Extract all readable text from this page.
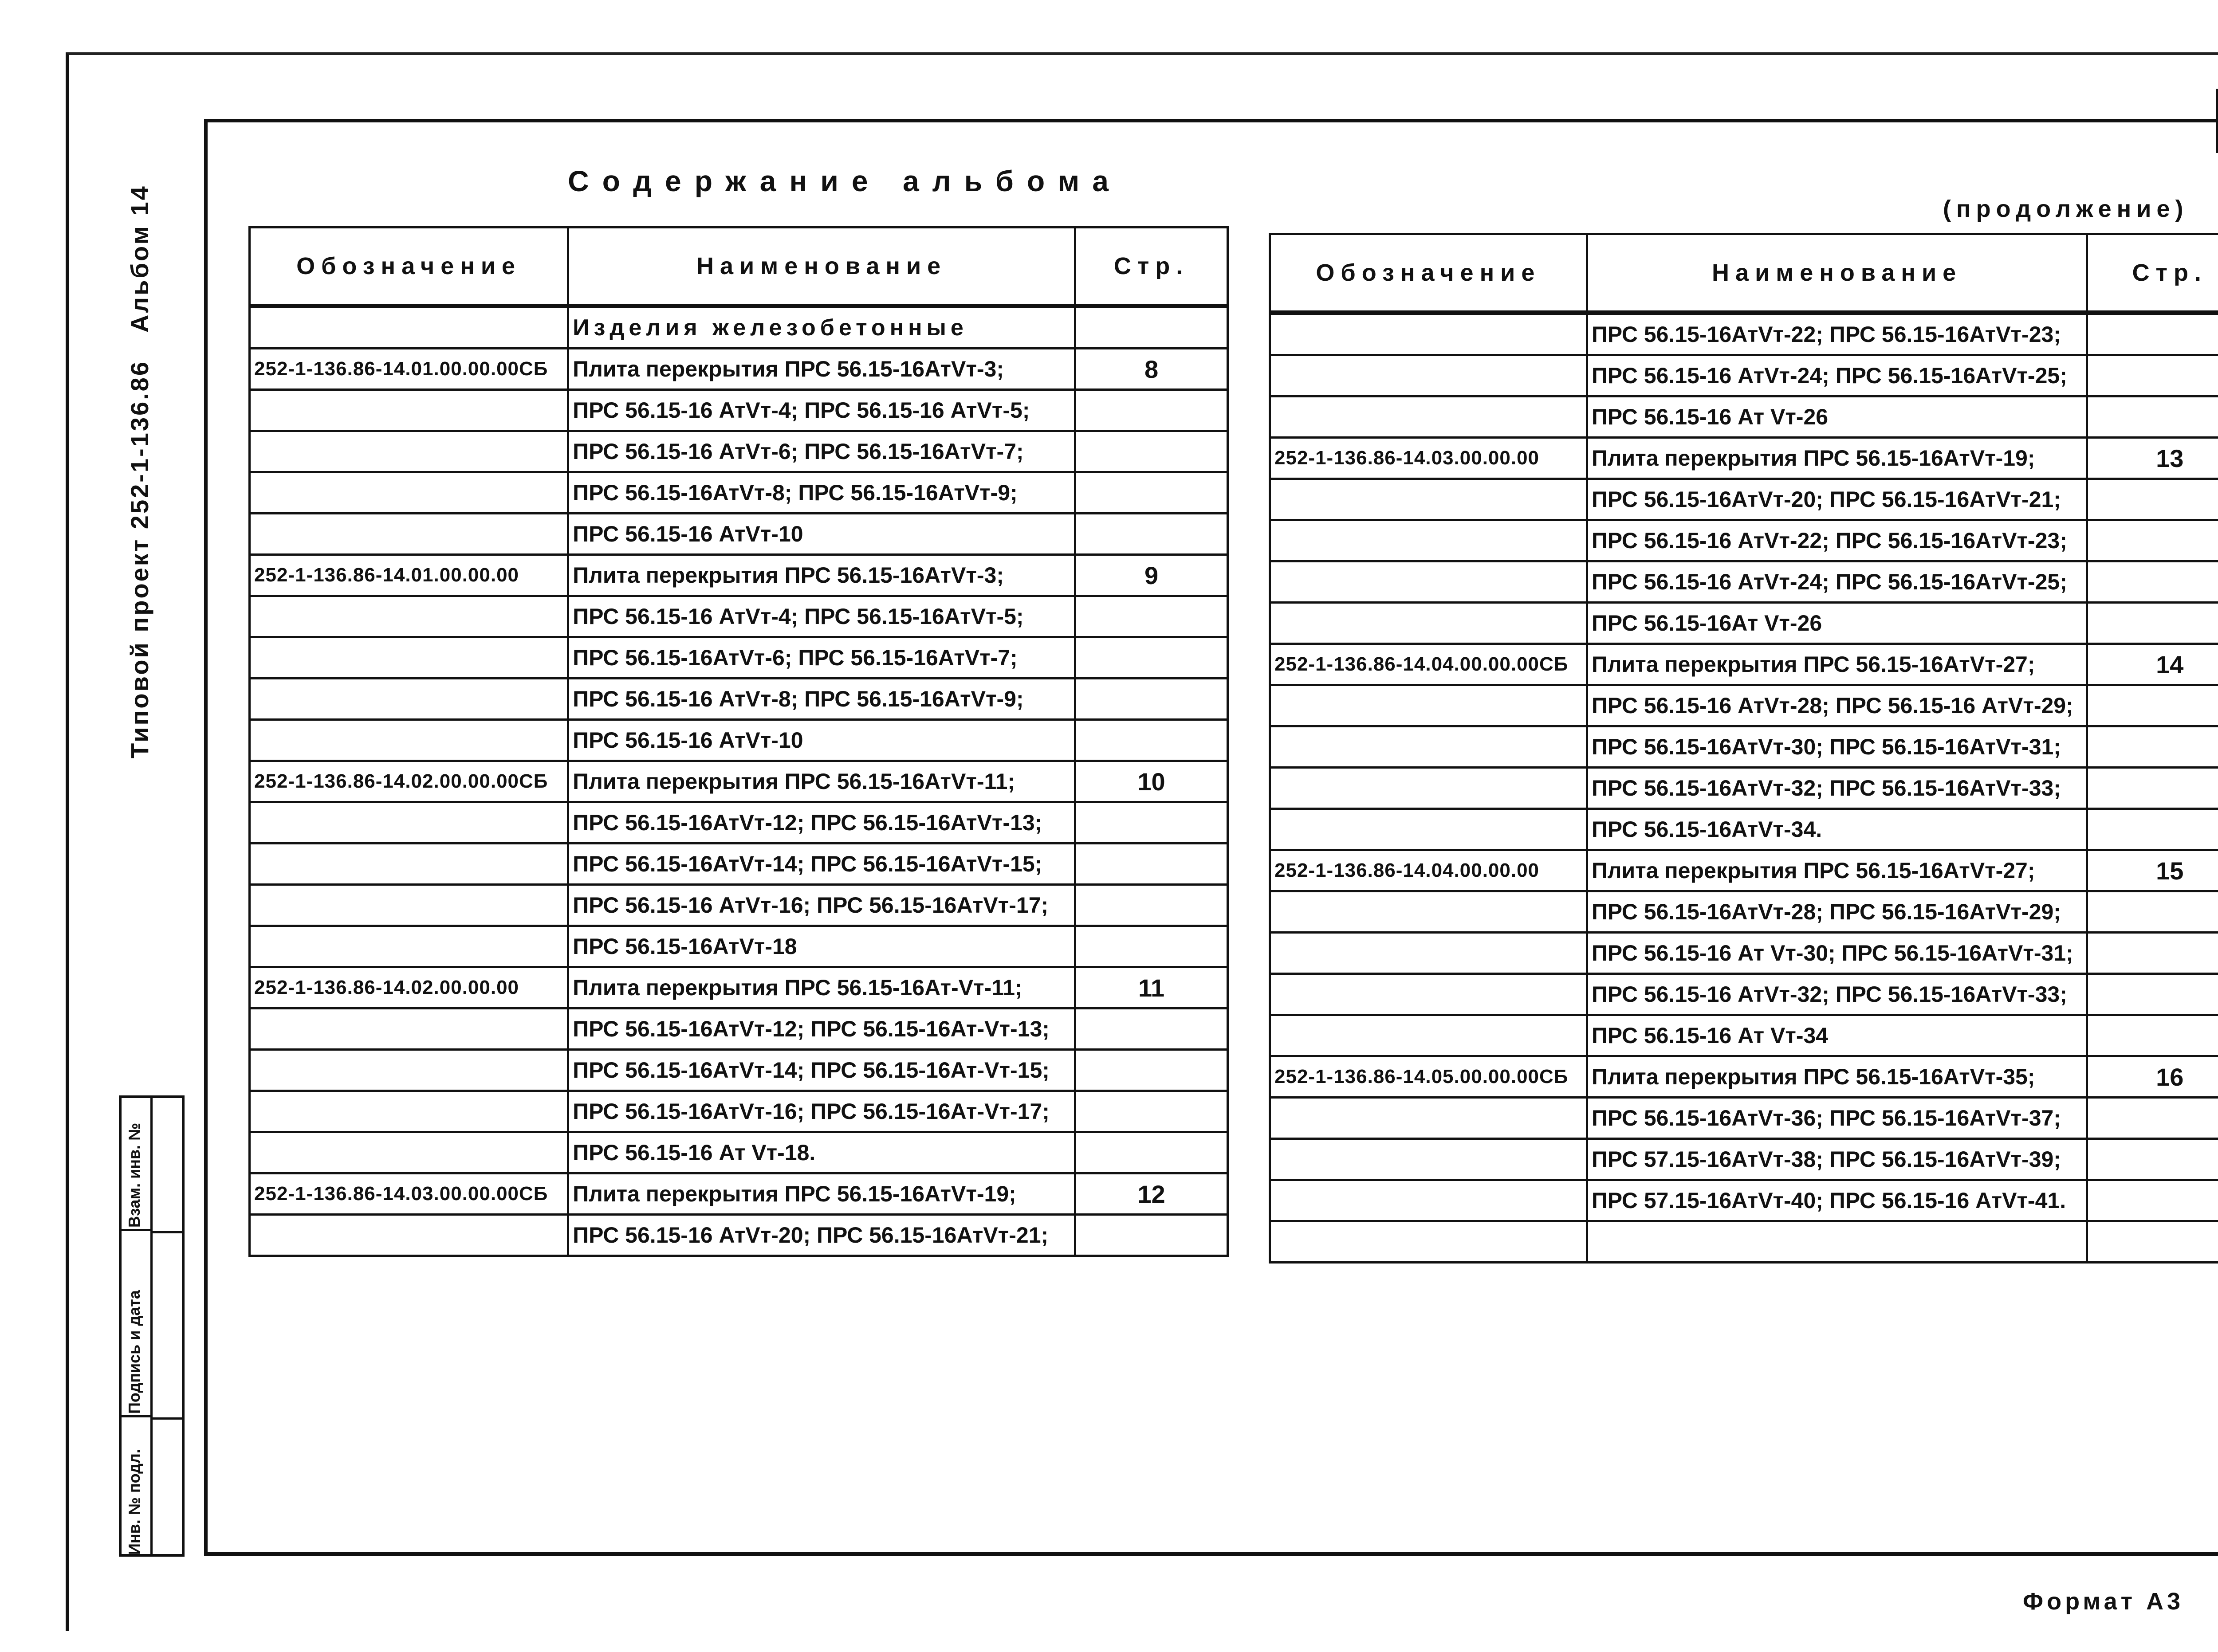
Альбом 14
Типовой проект 252-1-136.86
Взам. инв. №
Подпись и дата
Инв. № подл.
Содержание альбома
(продолжение)
Формат А3
Обозначение	Наименование	Стр.
	Изделия железобетонные	
252-1-136.86-14.01.00.00.00СБ	Плита перекрытия ПРС 56.15-16АтVт-3;	8
	ПРС 56.15-16 АтVт-4; ПРС 56.15-16 АтVт-5;	
	ПРС 56.15-16 АтVт-6; ПРС 56.15-16АтVт-7;	
	ПРС 56.15-16АтVт-8; ПРС 56.15-16АтVт-9;	
	ПРС 56.15-16 АтVт-10	
252-1-136.86-14.01.00.00.00	Плита перекрытия ПРС 56.15-16АтVт-3;	9
	ПРС 56.15-16 АтVт-4; ПРС 56.15-16АтVт-5;	
	ПРС 56.15-16АтVт-6; ПРС 56.15-16АтVт-7;	
	ПРС 56.15-16 АтVт-8; ПРС 56.15-16АтVт-9;	
	ПРС 56.15-16 АтVт-10	
252-1-136.86-14.02.00.00.00СБ	Плита перекрытия ПРС 56.15-16АтVт-11;	10
	ПРС 56.15-16АтVт-12; ПРС 56.15-16АтVт-13;	
	ПРС 56.15-16АтVт-14; ПРС 56.15-16АтVт-15;	
	ПРС 56.15-16 АтVт-16; ПРС 56.15-16АтVт-17;	
	ПРС 56.15-16АтVт-18	
252-1-136.86-14.02.00.00.00	Плита перекрытия ПРС 56.15-16Ат-Vт-11;	11
	ПРС 56.15-16АтVт-12; ПРС 56.15-16Ат-Vт-13;	
	ПРС 56.15-16АтVт-14; ПРС 56.15-16Ат-Vт-15;	
	ПРС 56.15-16АтVт-16; ПРС 56.15-16Ат-Vт-17;	
	ПРС 56.15-16 Ат Vт-18.	
252-1-136.86-14.03.00.00.00СБ	Плита перекрытия ПРС 56.15-16АтVт-19;	12
	ПРС 56.15-16 АтVт-20; ПРС 56.15-16АтVт-21;	
Обозначение	Наименование	Стр.
	ПРС 56.15-16АтVт-22; ПРС 56.15-16АтVт-23;	
	ПРС 56.15-16 АтVт-24; ПРС 56.15-16АтVт-25;	
	ПРС 56.15-16 Ат Vт-26	
252-1-136.86-14.03.00.00.00	Плита перекрытия ПРС 56.15-16АтVт-19;	13
	ПРС 56.15-16АтVт-20; ПРС 56.15-16АтVт-21;	
	ПРС 56.15-16 АтVт-22; ПРС 56.15-16АтVт-23;	
	ПРС 56.15-16 АтVт-24; ПРС 56.15-16АтVт-25;	
	ПРС 56.15-16Ат Vт-26	
252-1-136.86-14.04.00.00.00СБ	Плита перекрытия ПРС 56.15-16АтVт-27;	14
	ПРС 56.15-16 АтVт-28; ПРС 56.15-16 АтVт-29;	
	ПРС 56.15-16АтVт-30; ПРС 56.15-16АтVт-31;	
	ПРС 56.15-16АтVт-32; ПРС 56.15-16АтVт-33;	
	ПРС 56.15-16АтVт-34.	
252-1-136.86-14.04.00.00.00	Плита перекрытия ПРС 56.15-16АтVт-27;	15
	ПРС 56.15-16АтVт-28; ПРС 56.15-16АтVт-29;	
	ПРС 56.15-16 Ат Vт-30; ПРС 56.15-16АтVт-31;	
	ПРС 56.15-16 АтVт-32; ПРС 56.15-16АтVт-33;	
	ПРС 56.15-16 Ат Vт-34	
252-1-136.86-14.05.00.00.00СБ	Плита перекрытия ПРС 56.15-16АтVт-35;	16
	ПРС 56.15-16АтVт-36; ПРС 56.15-16АтVт-37;	
	ПРС 57.15-16АтVт-38; ПРС 56.15-16АтVт-39;	
	ПРС 57.15-16АтVт-40; ПРС 56.15-16 АтVт-41.	
